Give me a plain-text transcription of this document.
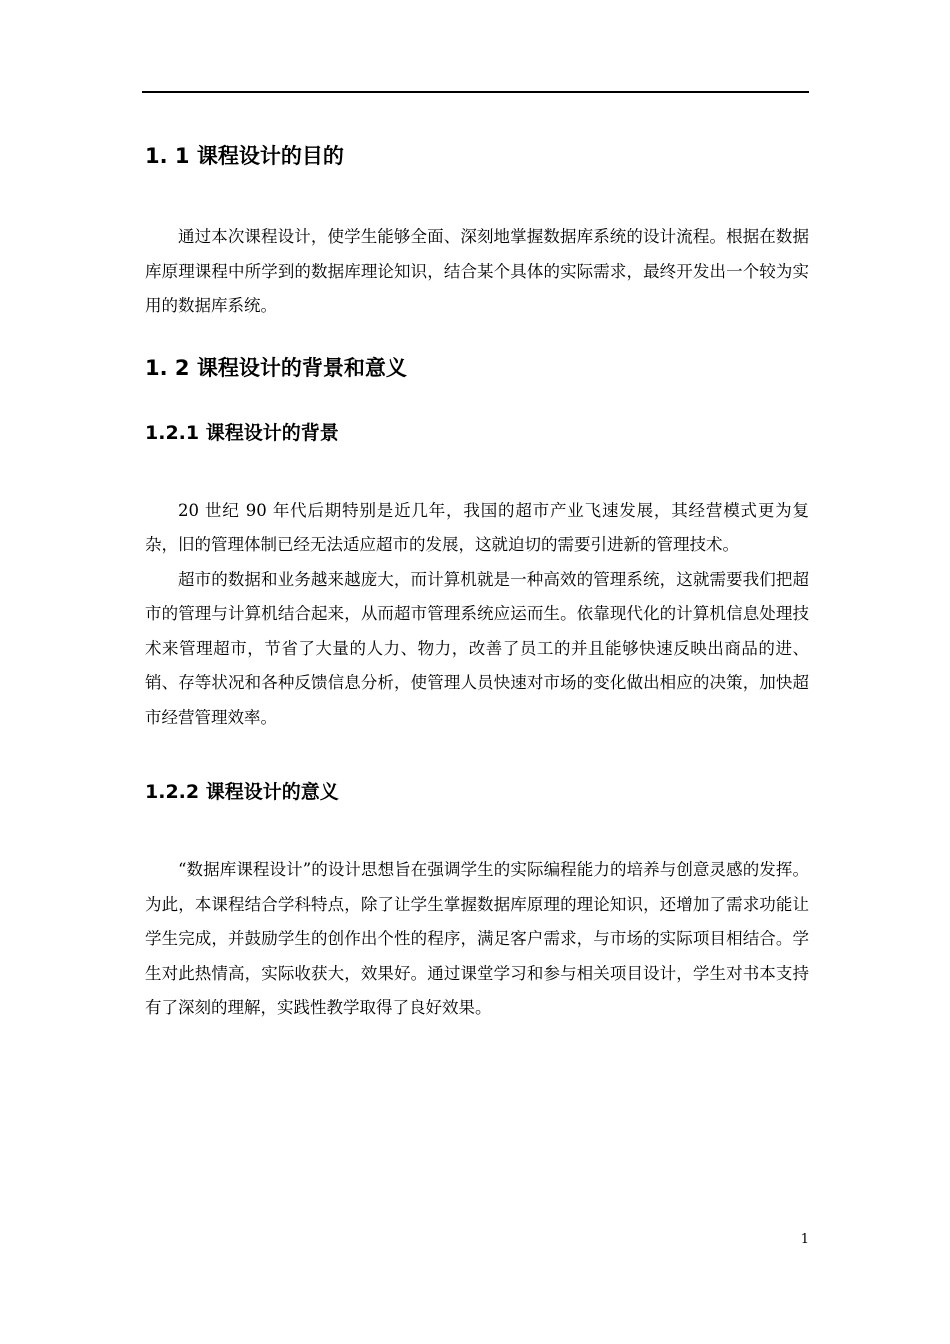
1. 1 课程设计的目的

通过本次课程设计，使学生能够全面、深刻地掌握数据库系统的设计流程。根据在数据库原理课程中所学到的数据库理论知识，结合某个具体的实际需求，最终开发出一个较为实用的数据库系统。

1. 2 课程设计的背景和意义
1.2.1 课程设计的背景

20 世纪 90 年代后期特别是近几年，我国的超市产业飞速发展，其经营模式更为复杂，旧的管理体制已经无法适应超市的发展，这就迫切的需要引进新的管理技术。

超市的数据和业务越来越庞大，而计算机就是一种高效的管理系统，这就需要我们把超市的管理与计算机结合起来，从而超市管理系统应运而生。依靠现代化的计算机信息处理技术来管理超市，节省了大量的人力、物力，改善了员工的并且能够快速反映出商品的进、销、存等状况和各种反馈信息分析，使管理人员快速对市场的变化做出相应的决策，加快超市经营管理效率。

1.2.2 课程设计的意义

“数据库课程设计”的设计思想旨在强调学生的实际编程能力的培养与创意灵感的发挥。为此，本课程结合学科特点，除了让学生掌握数据库原理的理论知识，还增加了需求功能让学生完成，并鼓励学生的创作出个性的程序，满足客户需求，与市场的实际项目相结合。学生对此热情高，实际收获大，效果好。通过课堂学习和参与相关项目设计，学生对书本支持有了深刻的理解，实践性教学取得了良好效果。

1
